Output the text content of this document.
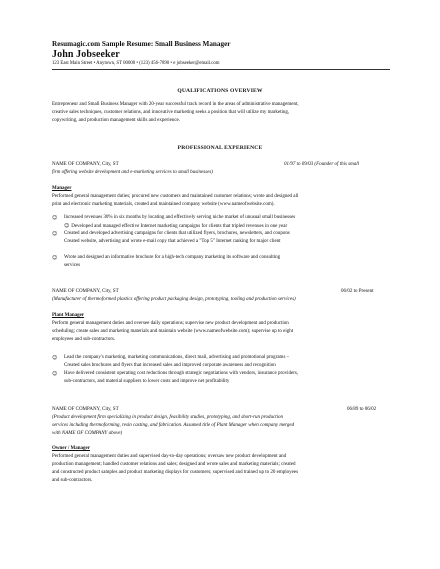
Resumagic.com Sample Resume: Small Business Manager
John Jobseeker
123 East Main Street • Anytown, ST 00000 • (123) 456-7890 • e jobseeker@email.com
QUALIFICATIONS OVERVIEW
Entrepreneur and Small Business Manager with 20-year successful track record in the areas of administrative management,
creative sales techniques, customer relations, and innovative marketing seeks a position that will utilize my marketing,
copywriting, and production management skills and experience.
PROFESSIONAL EXPERIENCE
NAME OF COMPANY, City, ST	01/97 to 09/03 (Founder of this small
firm offering website development and e-marketing services to small businesses)
Manager
Performed general management duties; procured new customers and maintained customer relations; wrote and designed all
print and electronic marketing materials, created and maintained company website (www.nameofwebsite.com).
☺	Increased revenues 30% in six months by locating and effectively serving niche market of unusual small businesses
☺ Developed and managed effective Internet marketing campaigns for clients that tripled revenues in one year
☺	Created and developed advertising campaigns for clients that utilized flyers, brochures, newsletters, and coupons
Created website, advertising and wrote e-mail copy that achieved a "Top 5" Internet ranking for major client
☺	Wrote and designed an informative brochure for a high-tech company marketing its software and consulting
services
NAME OF COMPANY, City, ST	06/02 to Present
(Manufacturer of thermoformed plastics offering product packaging design, prototyping, tooling and production services)
Plant Manager
Perform general management duties and oversee daily operations; supervise new product development and production
scheduling; create sales and marketing materials and maintain website (www.nameofwebsite.com); supervise up to eight
employees and sub-contractors.
☺	Lead the company's marketing, marketing communications, direct mail, advertising and promotional programs –
Created sales brochures and flyers that increased sales and improved corporate awareness and recognition
☺	Have delivered consistent operating cost reductions through strategic negotiations with vendors, insurance providers,
sub-contractors, and material suppliers to lower costs and improve net profitability
NAME OF COMPANY, City, ST	06/89 to 06/02
(Product development firm specializing in product design, feasibility studies, prototyping, and short-run production
services including thermoforming, resin casting, and fabrication. Assumed title of Plant Manager when company merged
with NAME OF COMPANY above)
Owner / Manager
Performed general management duties and supervised day-to-day operations; oversaw new product development and
production management; handled customer relations and sales; designed and wrote sales and marketing materials; created
and constructed product samples and product marketing displays for customers; supervised and trained up to 20 employees
and sub-contractors.
